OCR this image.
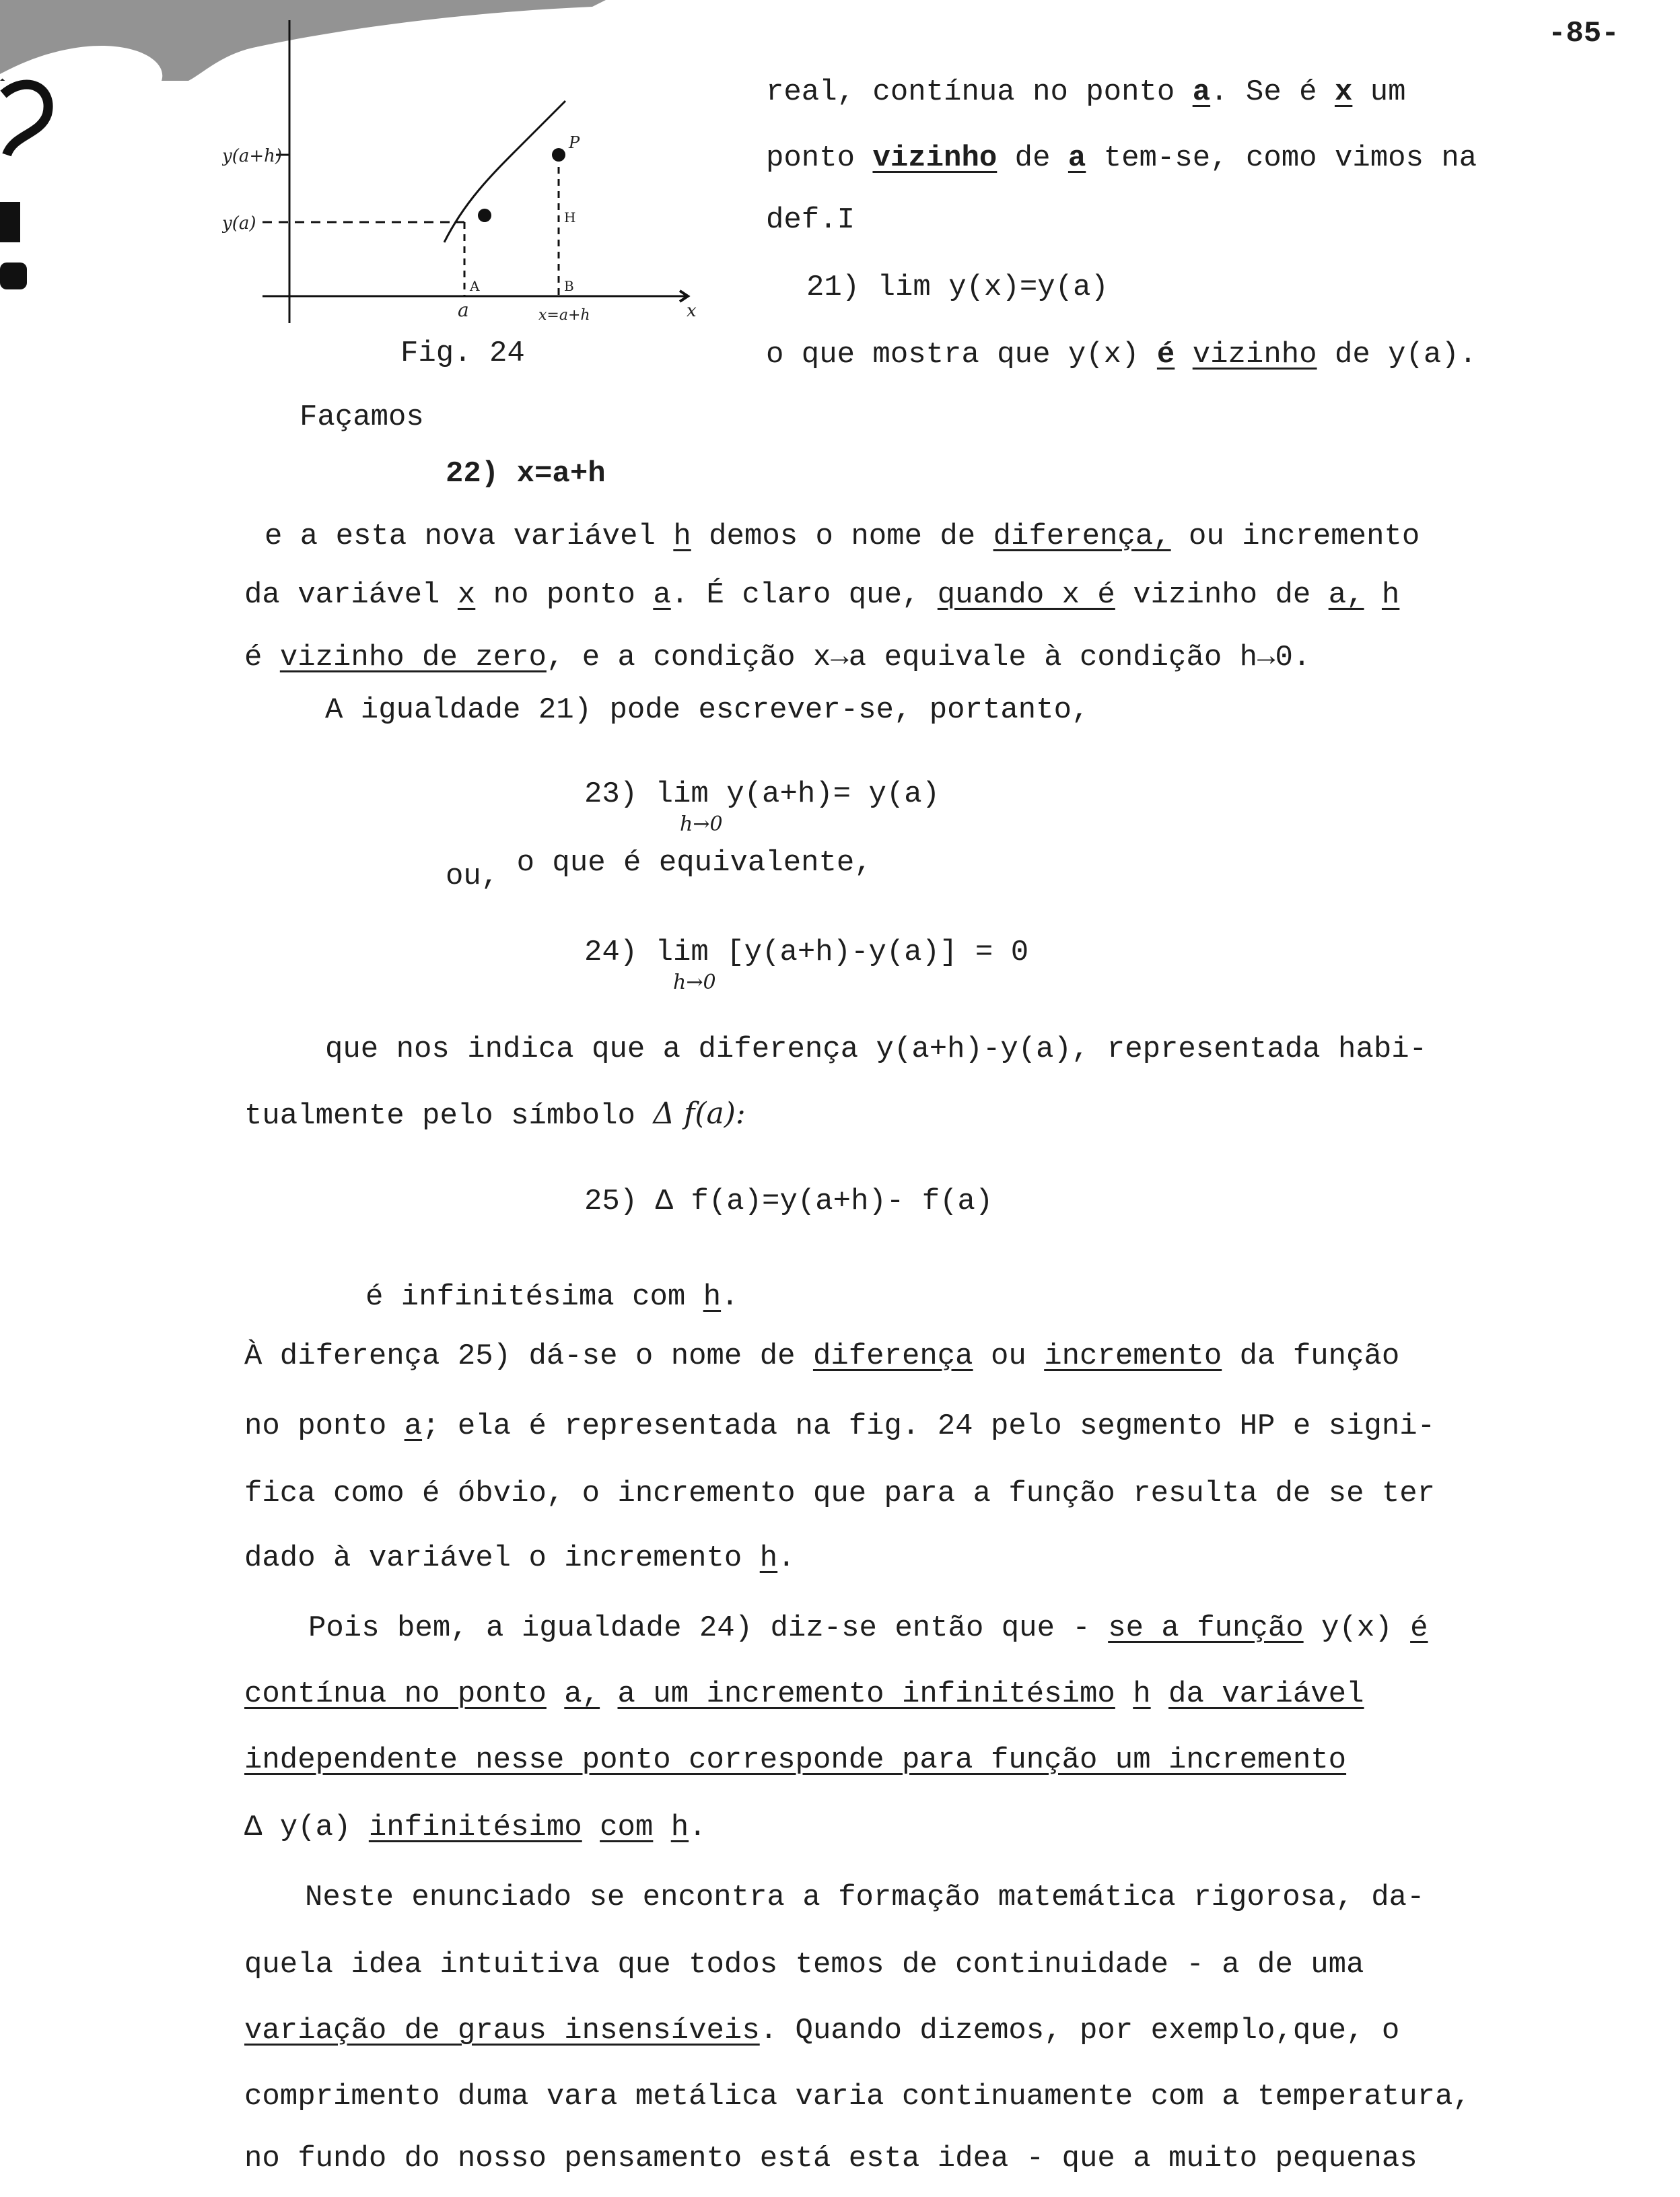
-85-
y(a+h)
y(a)
a	x=a+h
P
H
A	B
x
Fig. 24
real, contínua no ponto a. Se é x um
ponto vizinho de a tem-se, como vimos na
def.I
21) lim y(x)=y(a)
o que mostra que y(x) é vizinho de y(a).
Façamos
22) x=a+h
e a esta nova variável h demos o nome de diferença, ou incremento
da variável x no ponto a. É claro que, quando x é vizinho de a, h
é vizinho de zero, e a condição x→a equivale à condição h→0.
A igualdade 21) pode escrever-se, portanto,
23) lim y(a+h)= y(a)
h→0
ou, o que é equivalente,
24) lim [y(a+h)-y(a)] = 0
h→0
que nos indica que a diferença y(a+h)-y(a), representada habi-
tualmente pelo símbolo Δ f(a):
25) Δ f(a)=y(a+h)- f(a)
é infinitésima com h.
À diferença 25) dá-se o nome de diferença ou incremento da função
no ponto a; ela é representada na fig. 24 pelo segmento HP e signi-
fica como é óbvio, o incremento que para a função resulta de se ter
dado à variável o incremento h.
Pois bem, a igualdade 24) diz-se então que - se a função y(x) é
contínua no ponto a, a um incremento infinitésimo h da variável
independente nesse ponto corresponde para função um incremento
Δ y(a) infinitésimo com h.
Neste enunciado se encontra a formação matemática rigorosa, da-
quela idea intuitiva que todos temos de continuidade - a de uma
variação de graus insensíveis. Quando dizemos, por exemplo,que, o
comprimento duma vara metálica varia continuamente com a temperatura,
no fundo do nosso pensamento está esta idea - que a muito pequenas
